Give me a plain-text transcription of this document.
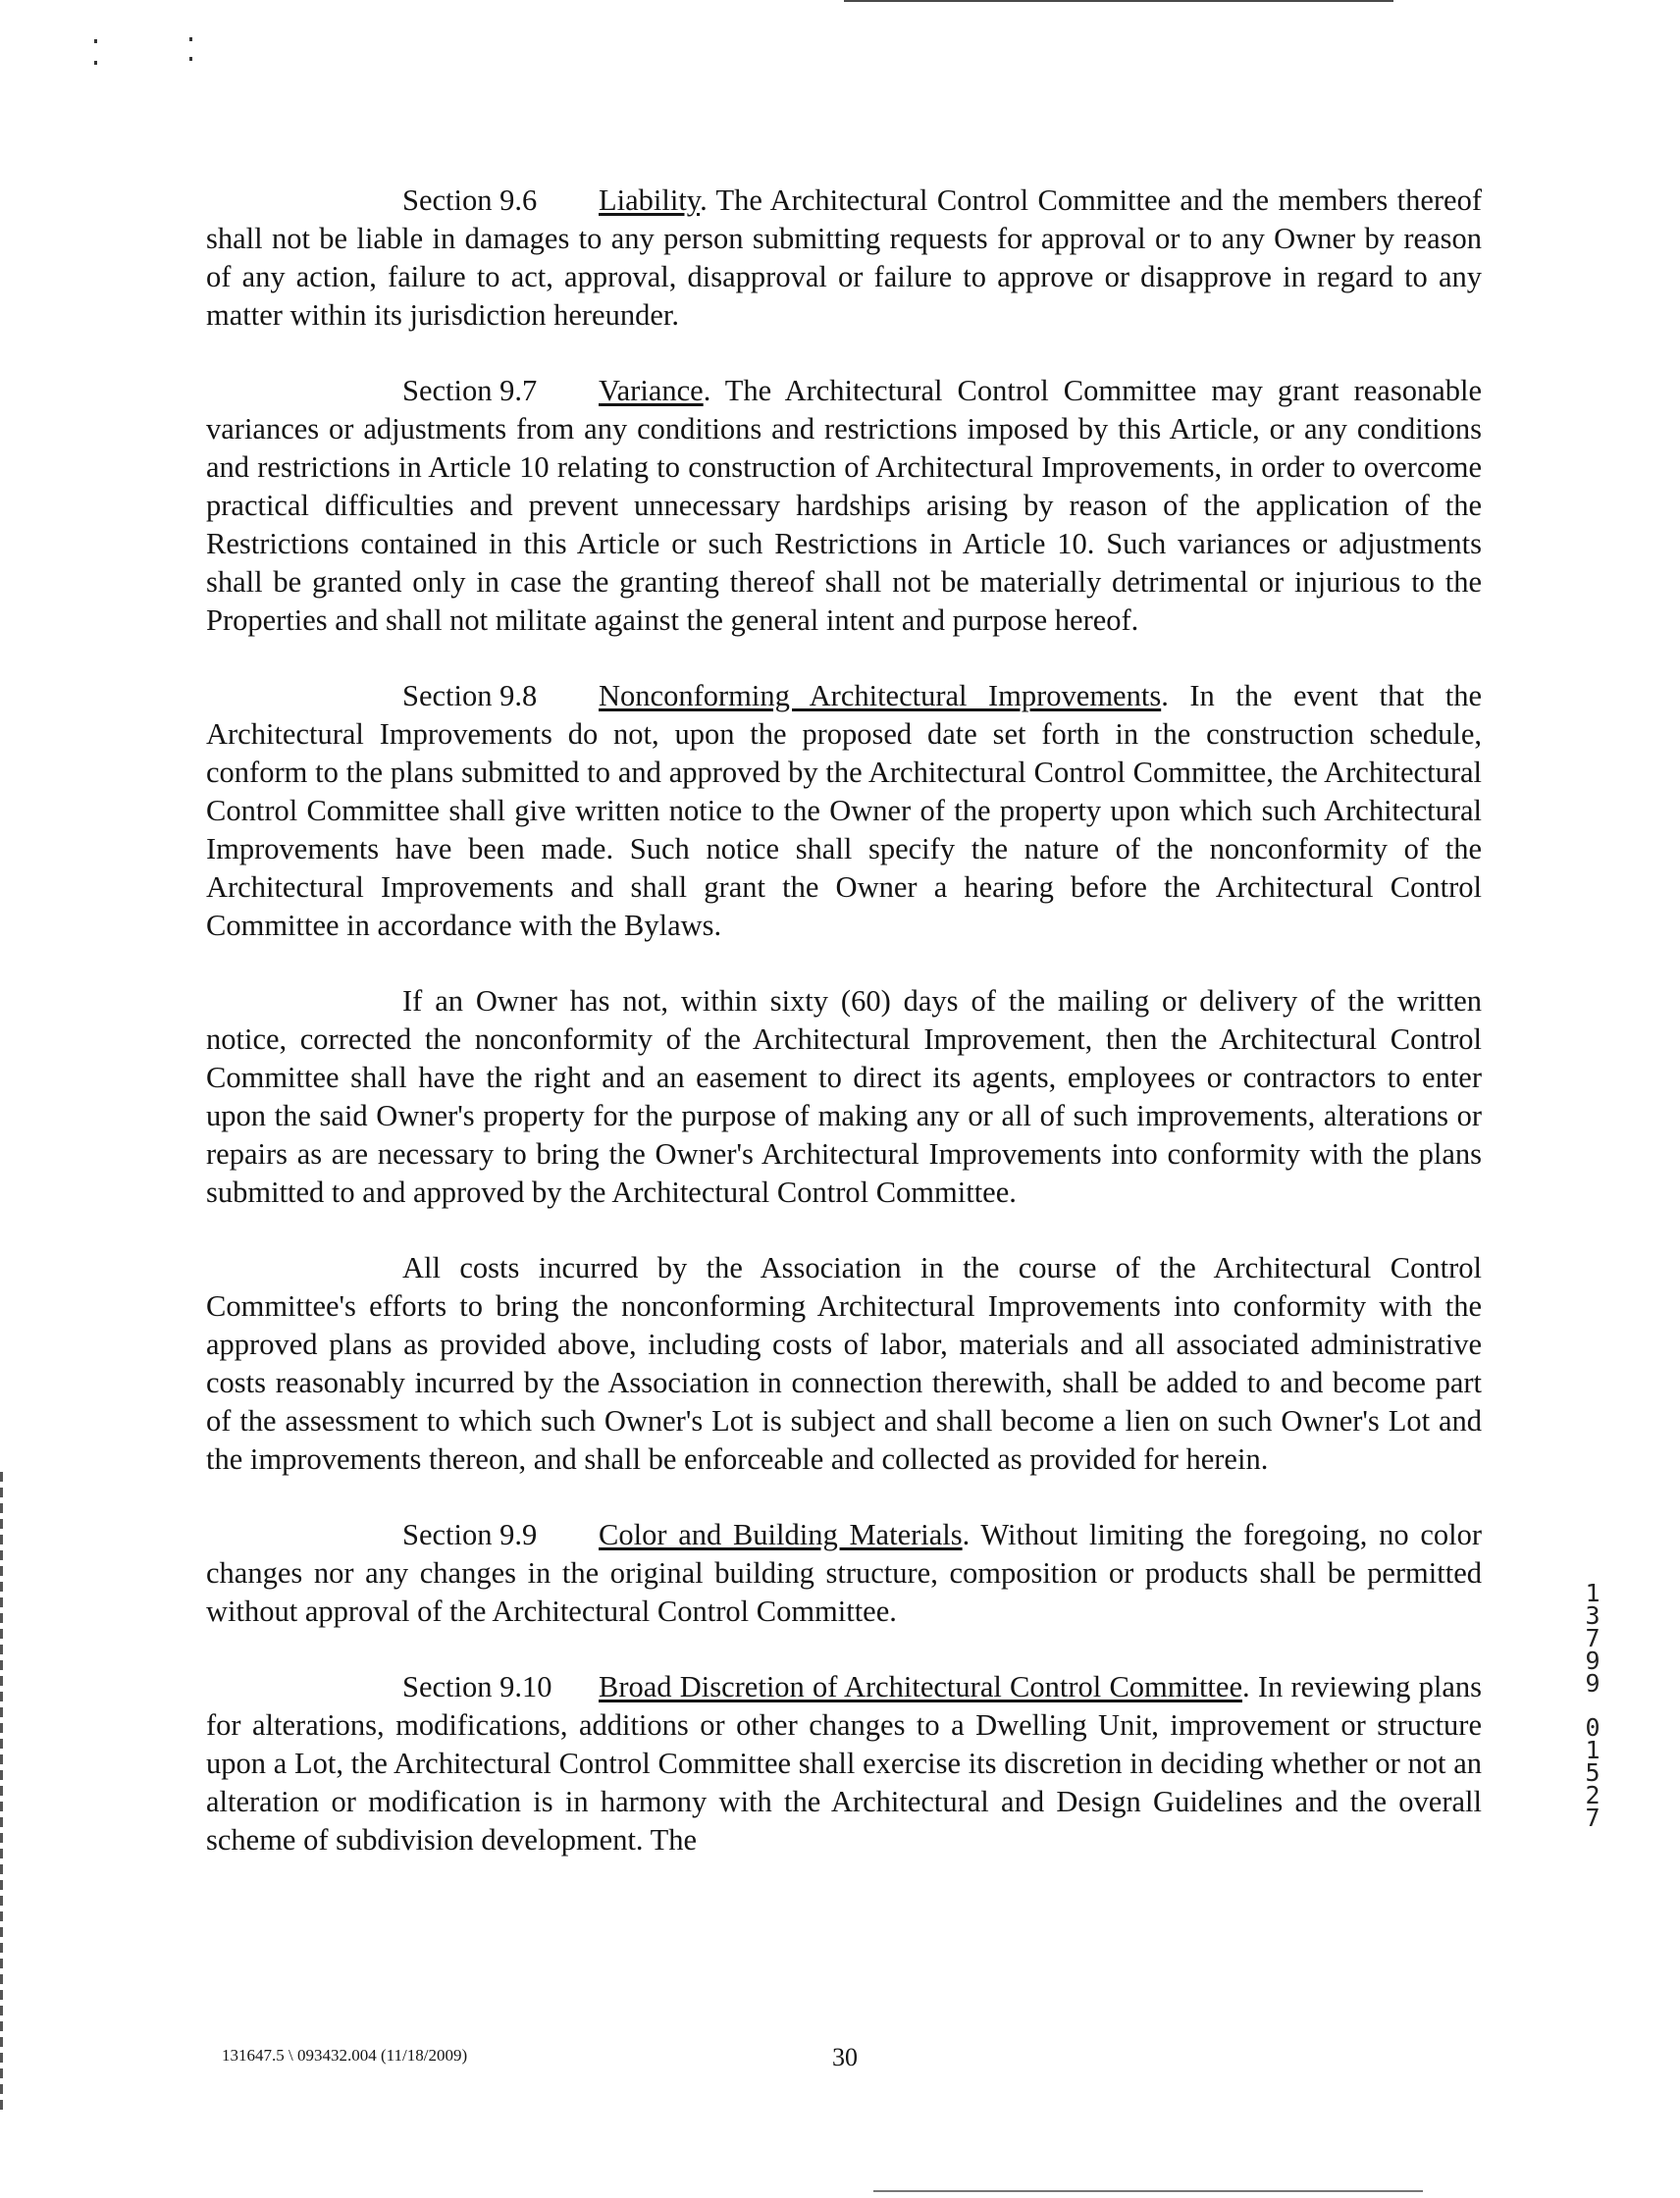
Section 9.6 Liability. The Architectural Control Committee and the members thereof shall not be liable in damages to any person submitting requests for approval or to any Owner by reason of any action, failure to act, approval, disapproval or failure to approve or disapprove in regard to any matter within its jurisdiction hereunder.

Section 9.7 Variance. The Architectural Control Committee may grant reasonable variances or adjustments from any conditions and restrictions imposed by this Article, or any conditions and restrictions in Article 10 relating to construction of Architectural Improvements, in order to overcome practical difficulties and prevent unnecessary hardships arising by reason of the application of the Restrictions contained in this Article or such Restrictions in Article 10. Such variances or adjustments shall be granted only in case the granting thereof shall not be materially detrimental or injurious to the Properties and shall not militate against the general intent and purpose hereof.

Section 9.8 Nonconforming Architectural Improvements. In the event that the Architectural Improvements do not, upon the proposed date set forth in the construction schedule, conform to the plans submitted to and approved by the Architectural Control Committee, the Architectural Control Committee shall give written notice to the Owner of the property upon which such Architectural Improvements have been made. Such notice shall specify the nature of the nonconformity of the Architectural Improvements and shall grant the Owner a hearing before the Architectural Control Committee in accordance with the Bylaws.

If an Owner has not, within sixty (60) days of the mailing or delivery of the written notice, corrected the nonconformity of the Architectural Improvement, then the Architectural Control Committee shall have the right and an easement to direct its agents, employees or contractors to enter upon the said Owner's property for the purpose of making any or all of such improvements, alterations or repairs as are necessary to bring the Owner's Architectural Improvements into conformity with the plans submitted to and approved by the Architectural Control Committee.

All costs incurred by the Association in the course of the Architectural Control Committee's efforts to bring the nonconforming Architectural Improvements into conformity with the approved plans as provided above, including costs of labor, materials and all associated administrative costs reasonably incurred by the Association in connection therewith, shall be added to and become part of the assessment to which such Owner's Lot is subject and shall become a lien on such Owner's Lot and the improvements thereon, and shall be enforceable and collected as provided for herein.

Section 9.9 Color and Building Materials. Without limiting the foregoing, no color changes nor any changes in the original building structure, composition or products shall be permitted without approval of the Architectural Control Committee.

Section 9.10 Broad Discretion of Architectural Control Committee. In reviewing plans for alterations, modifications, additions or other changes to a Dwelling Unit, improvement or structure upon a Lot, the Architectural Control Committee shall exercise its discretion in deciding whether or not an alteration or modification is in harmony with the Architectural and Design Guidelines and the overall scheme of subdivision development. The

1
3
7
9
9
0
1
5
2
7
131647.5 \ 093432.004 (11/18/2009)	30
